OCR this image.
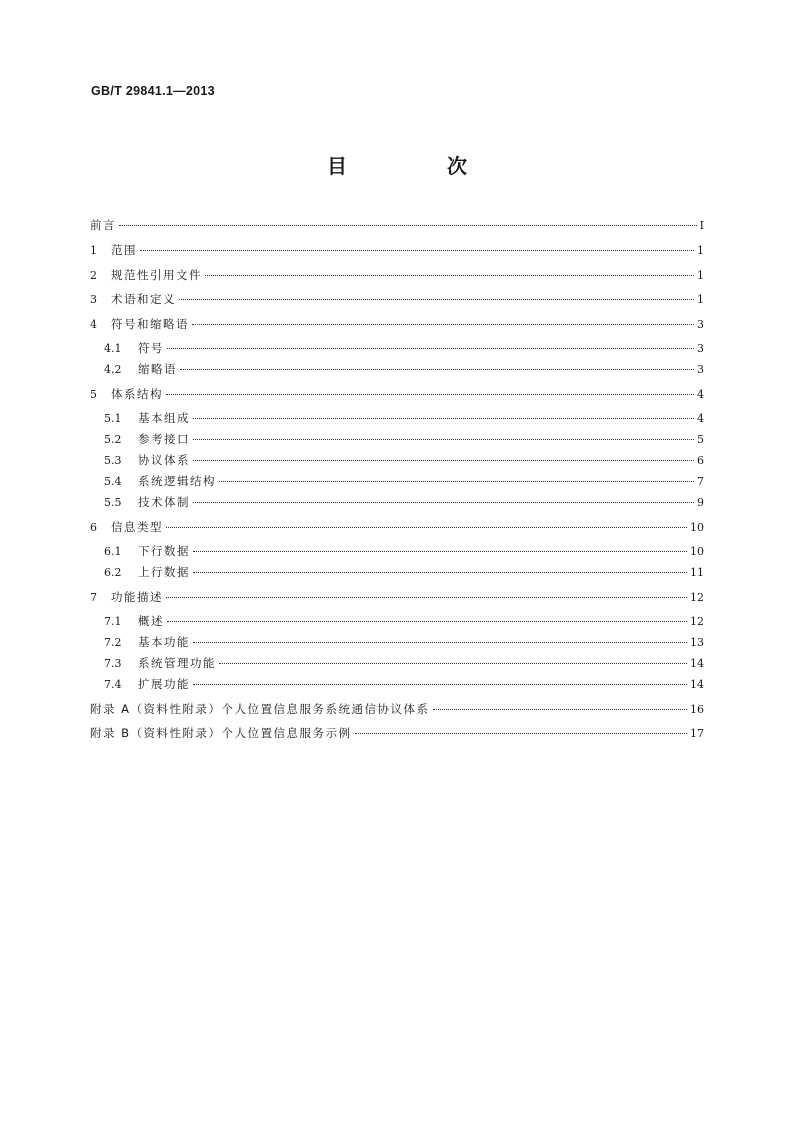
GB/T 29841.1—2013
目　次
前言	Ⅰ
1	范围	1
2	规范性引用文件	1
3	术语和定义	1
4	符号和缩略语	3
4.1	符号	3
4.2	缩略语	3
5	体系结构	4
5.1	基本组成	4
5.2	参考接口	5
5.3	协议体系	6
5.4	系统逻辑结构	7
5.5	技术体制	9
6	信息类型	10
6.1	下行数据	10
6.2	上行数据	11
7	功能描述	12
7.1	概述	12
7.2	基本功能	13
7.3	系统管理功能	14
7.4	扩展功能	14
附录 A（资料性附录）个人位置信息服务系统通信协议体系	16
附录 B（资料性附录）个人位置信息服务示例	17
